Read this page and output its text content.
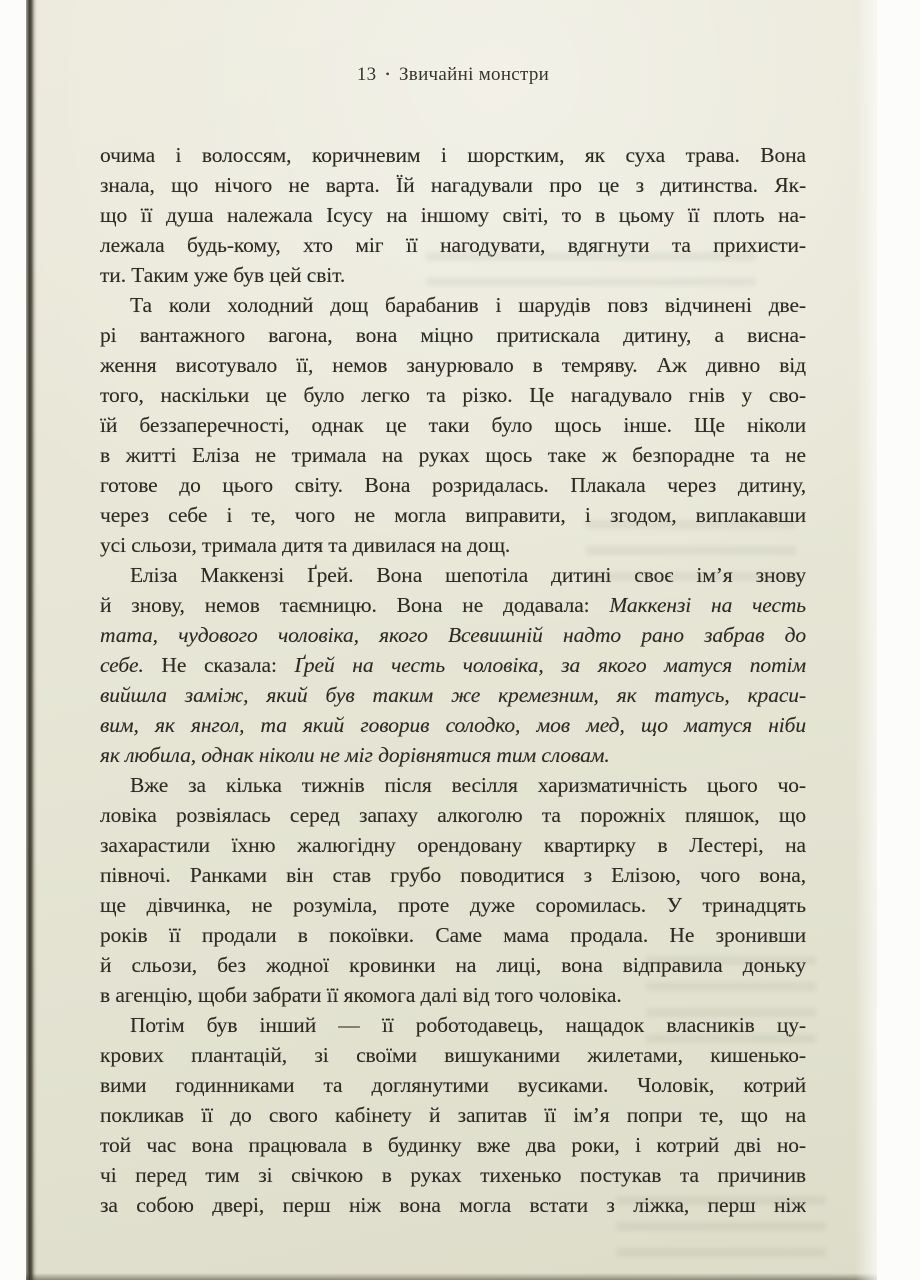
13 • Звичайні монстри
очима і волоссям, коричневим і шорстким, як суха трава. Вона
знала, що нічого не варта. Їй нагадували про це з дитинства. Як-
що її душа належала Ісусу на іншому світі, то в цьому її плоть на-
лежала будь-кому, хто міг її нагодувати, вдягнути та прихисти-
ти. Таким уже був цей світ.
Та коли холодний дощ барабанив і шарудів повз відчинені две-
рі вантажного вагона, вона міцно притискала дитину, а висна-
ження висотувало її, немов занурювало в темряву. Аж дивно від
того, наскільки це було легко та різко. Це нагадувало гнів у сво-
їй беззаперечності, однак це таки було щось інше. Ще ніколи
в житті Еліза не тримала на руках щось таке ж безпорадне та не
готове до цього світу. Вона розридалась. Плакала через дитину,
через себе і те, чого не могла виправити, і згодом, виплакавши
усі сльози, тримала дитя та дивилася на дощ.
Еліза Маккензі Ґрей. Вона шепотіла дитині своє ім’я знову
й знову, немов таємницю. Вона не додавала: Маккензі на честь
тата, чудового чоловіка, якого Всевишній надто рано забрав до
себе. Не сказала: Ґрей на честь чоловіка, за якого матуся потім
вийшла заміж, який був таким же кремезним, як татусь, краси-
вим, як янгол, та який говорив солодко, мов мед, що матуся ніби
як любила, однак ніколи не міг дорівнятися тим словам.
Вже за кілька тижнів після весілля харизматичність цього чо-
ловіка розвіялась серед запаху алкоголю та порожніх пляшок, що
захарастили їхню жалюгідну орендовану квартирку в Лестері, на
півночі. Ранками він став грубо поводитися з Елізою, чого вона,
ще дівчинка, не розуміла, проте дуже соромилась. У тринадцять
років її продали в покоївки. Саме мама продала. Не зронивши
й сльози, без жодної кровинки на лиці, вона відправила доньку
в агенцію, щоби забрати її якомога далі від того чоловіка.
Потім був інший — її роботодавець, нащадок власників цу-
крових плантацій, зі своїми вишуканими жилетами, кишенько-
вими годинниками та доглянутими вусиками. Чоловік, котрий
покликав її до свого кабінету й запитав її ім’я попри те, що на
той час вона працювала в будинку вже два роки, і котрий дві но-
чі перед тим зі свічкою в руках тихенько постукав та причинив
за собою двері, перш ніж вона могла встати з ліжка, перш ніж
